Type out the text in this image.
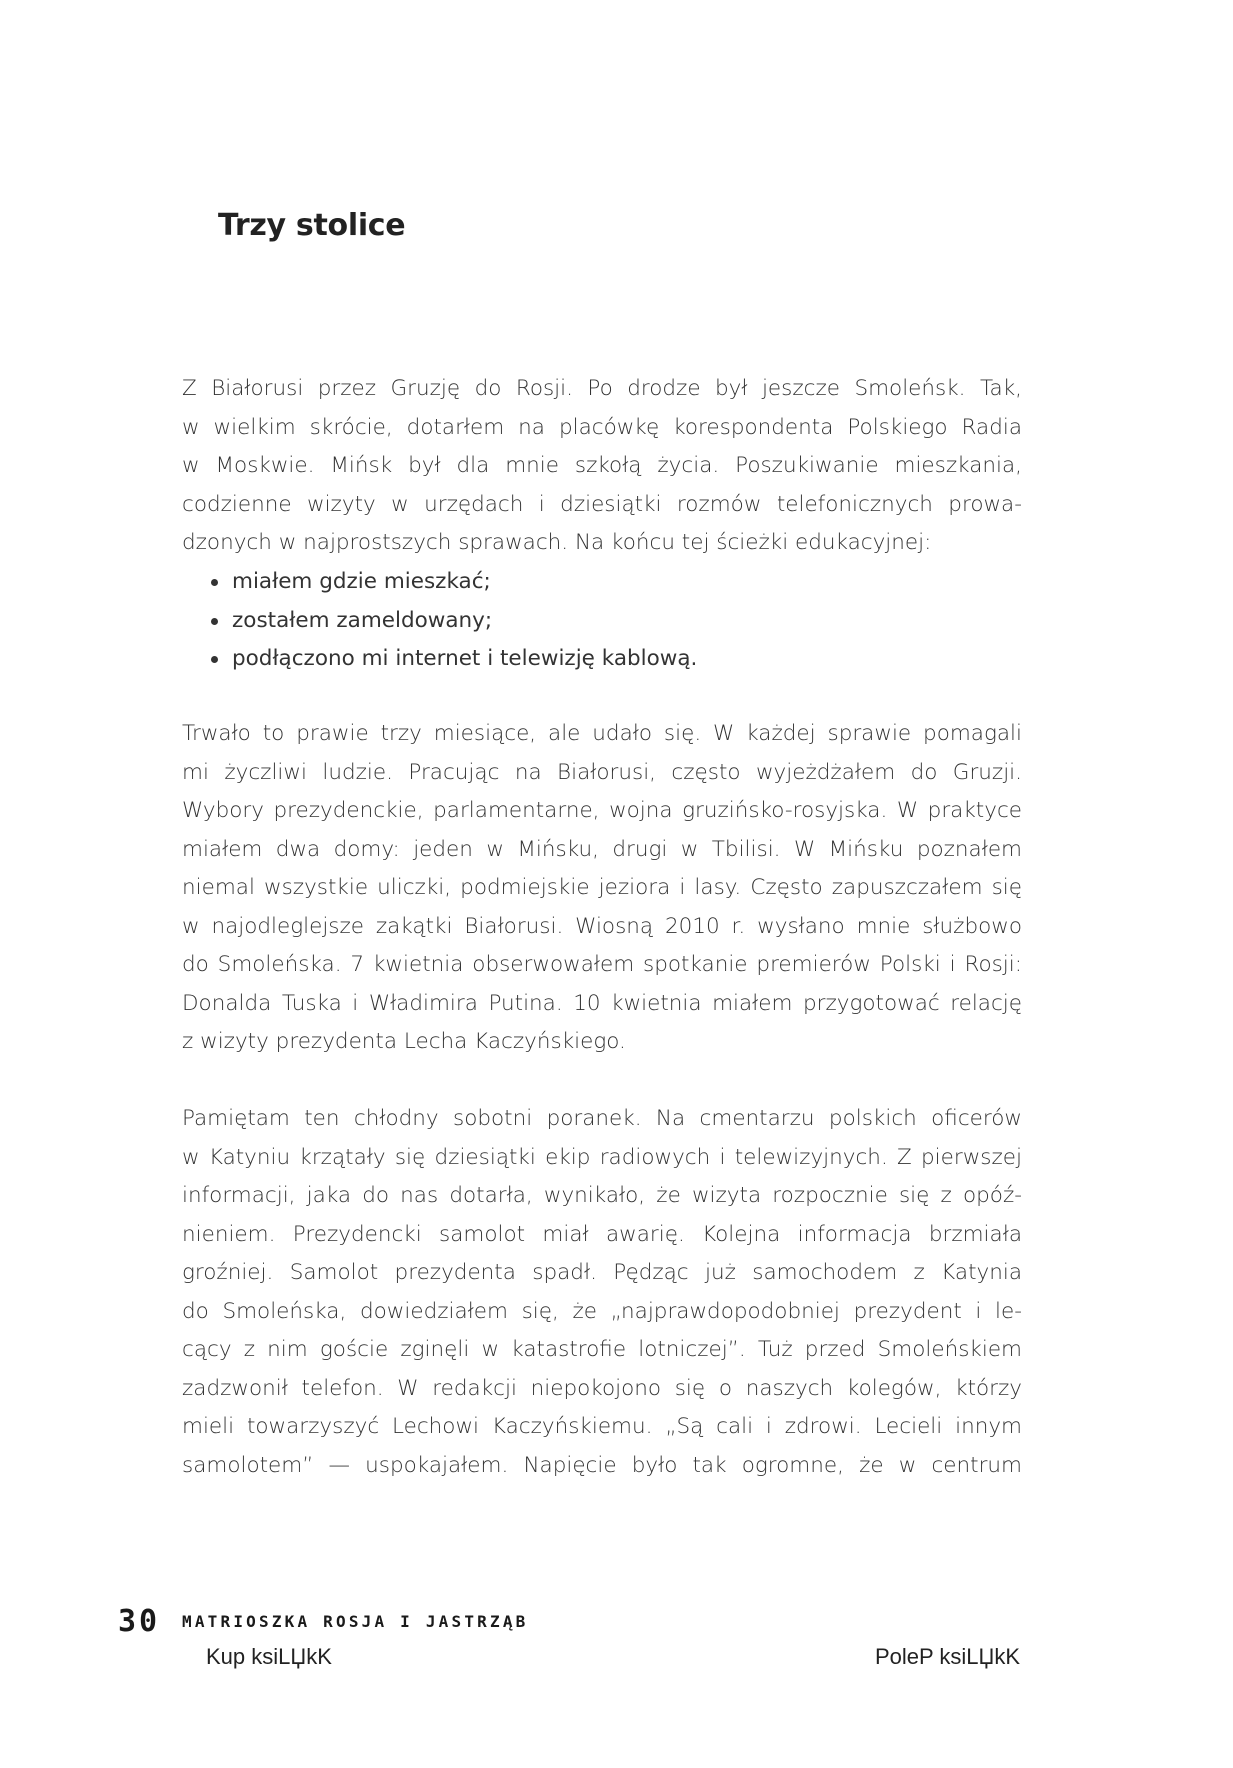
Trzy stolice
Z Białorusi przez Gruzję do Rosji. Po drodze był jeszcze Smoleńsk. Tak,
w wielkim skrócie, dotarłem na placówkę korespondenta Polskiego Radia
w Moskwie. Mińsk był dla mnie szkołą życia. Poszukiwanie mieszkania,
codzienne wizyty w urzędach i dziesiątki rozmów telefonicznych prowa-
dzonych w najprostszych sprawach. Na końcu tej ścieżki edukacyjnej:
miałem gdzie mieszkać;
zostałem zameldowany;
podłączono mi internet i telewizję kablową.
Trwało to prawie trzy miesiące, ale udało się. W każdej sprawie pomagali
mi życzliwi ludzie. Pracując na Białorusi, często wyjeżdżałem do Gruzji.
Wybory prezydenckie, parlamentarne, wojna gruzińsko-rosyjska. W praktyce
miałem dwa domy: jeden w Mińsku, drugi w Tbilisi. W Mińsku poznałem
niemal wszystkie uliczki, podmiejskie jeziora i lasy. Często zapuszczałem się
w najodleglejsze zakątki Białorusi. Wiosną 2010 r. wysłano mnie służbowo
do Smoleńska. 7 kwietnia obserwowałem spotkanie premierów Polski i Rosji:
Donalda Tuska i Władimira Putina. 10 kwietnia miałem przygotować relację
z wizyty prezydenta Lecha Kaczyńskiego.
Pamiętam ten chłodny sobotni poranek. Na cmentarzu polskich oficerów
w Katyniu krzątały się dziesiątki ekip radiowych i telewizyjnych. Z pierwszej
informacji, jaka do nas dotarła, wynikało, że wizyta rozpocznie się z opóź-
nieniem. Prezydencki samolot miał awarię. Kolejna informacja brzmiała
groźniej. Samolot prezydenta spadł. Pędząc już samochodem z Katynia
do Smoleńska, dowiedziałem się, że „najprawdopodobniej prezydent i le-
cący z nim goście zginęli w katastrofie lotniczej”. Tuż przed Smoleńskiem
zadzwonił telefon. W redakcji niepokojono się o naszych kolegów, którzy
mieli towarzyszyć Lechowi Kaczyńskiemu. „Są cali i zdrowi. Lecieli innym
samolotem” — uspokajałem. Napięcie było tak ogromne, że w centrum
30 MATRIOSZKA ROSJA I JASTRZĄB
Kup ksiLЏkK	PoleP ksiLЏkK
